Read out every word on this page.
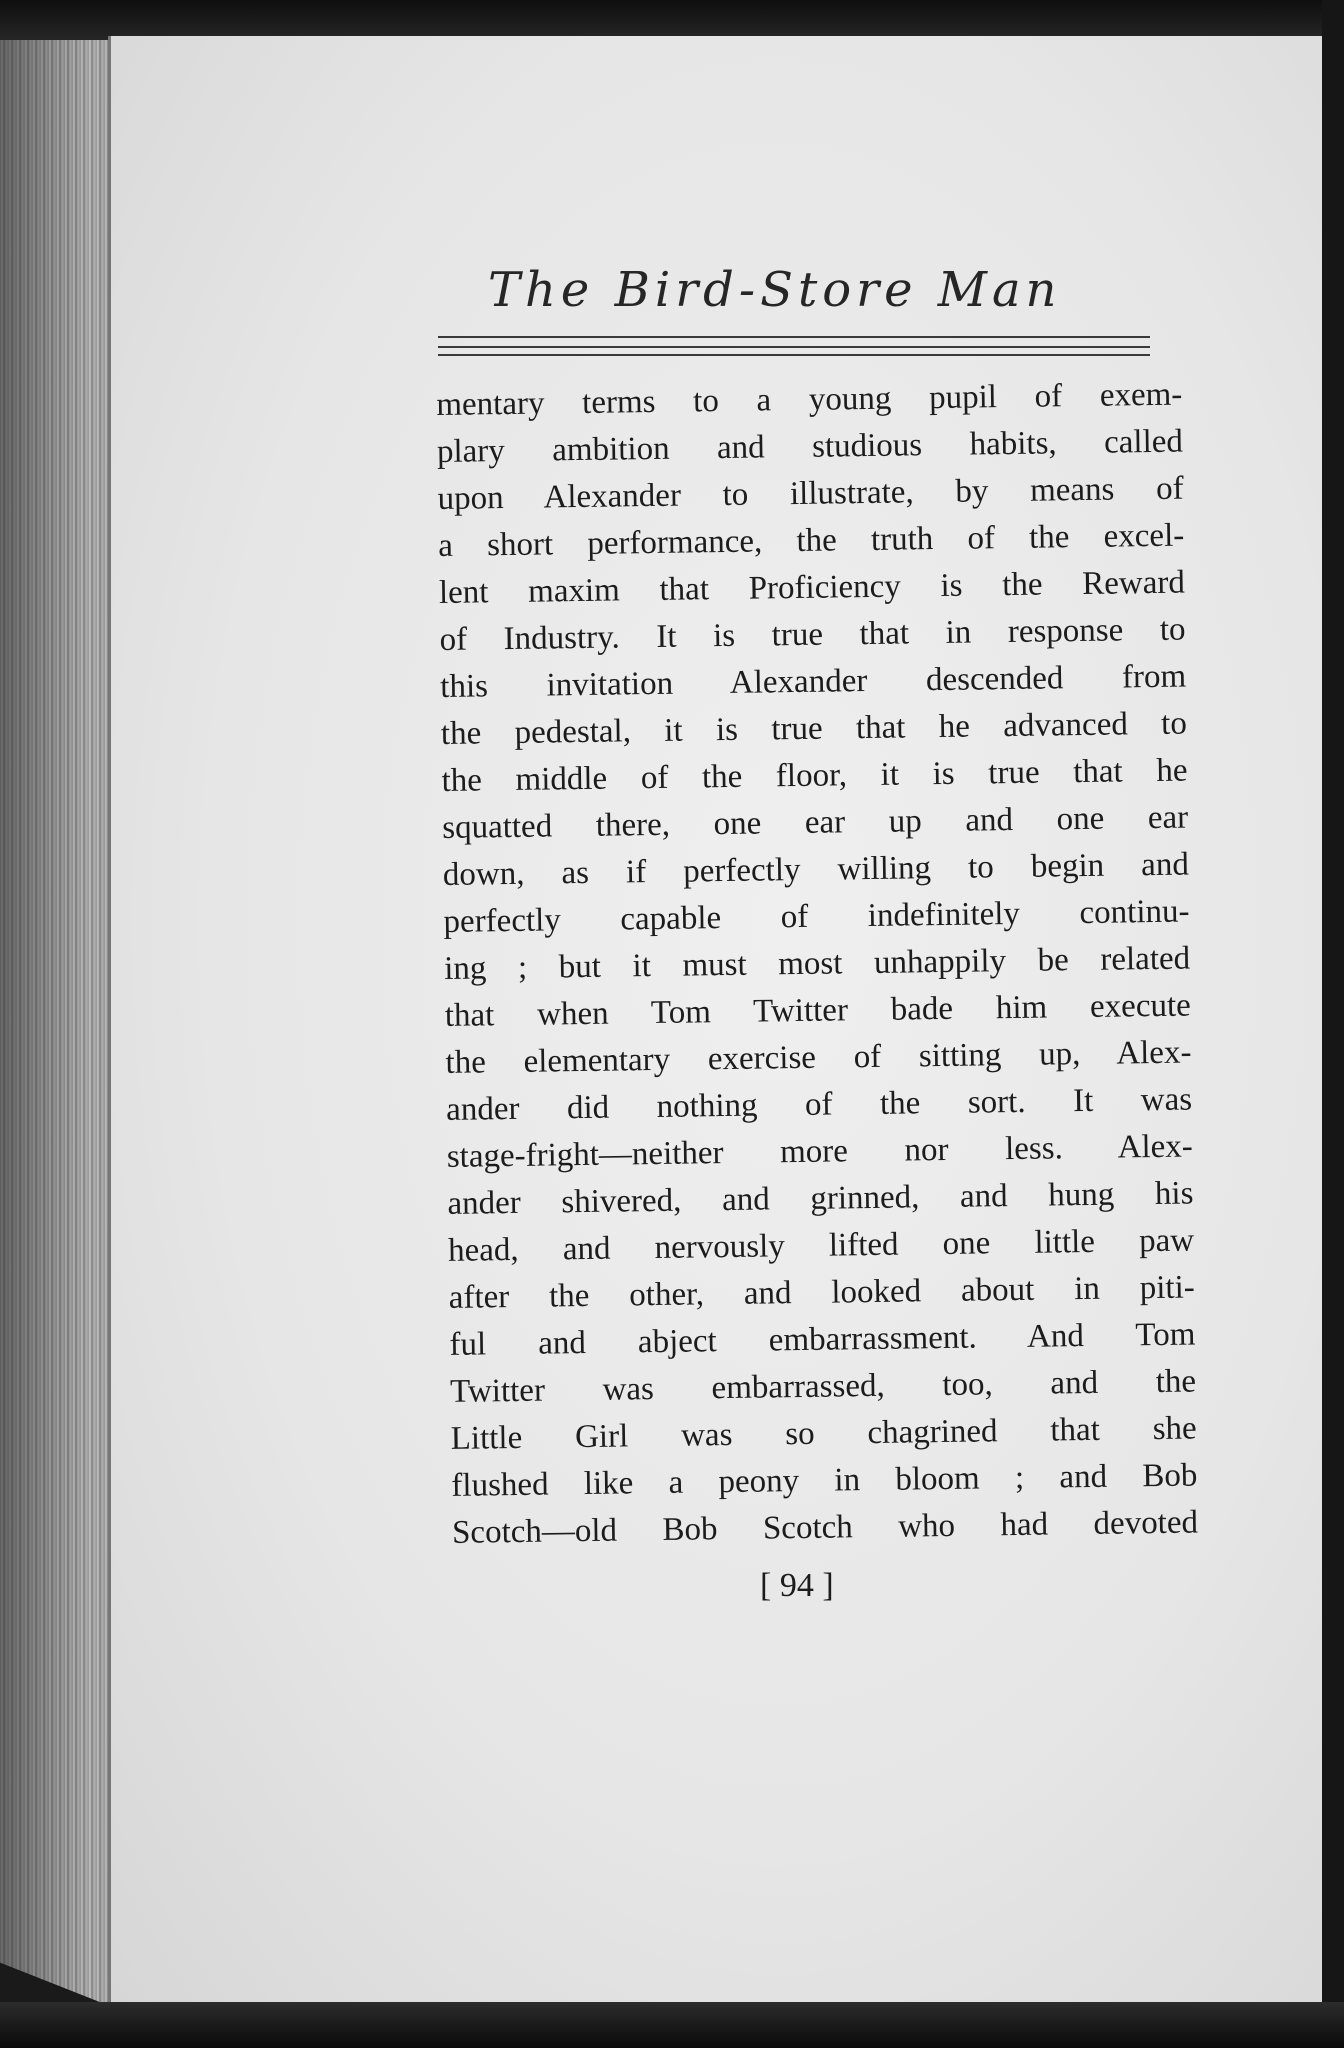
The Bird-Store Man
mentary terms to a young pupil of exem-
plary ambition and studious habits, called
upon Alexander to illustrate, by means of
a short performance, the truth of the excel-
lent maxim that Proficiency is the Reward
of Industry. It is true that in response to
this invitation Alexander descended from
the pedestal, it is true that he advanced to
the middle of the floor, it is true that he
squatted there, one ear up and one ear
down, as if perfectly willing to begin and
perfectly capable of indefinitely continu-
ing ; but it must most unhappily be related
that when Tom Twitter bade him execute
the elementary exercise of sitting up, Alex-
ander did nothing of the sort. It was
stage-fright—neither more nor less. Alex-
ander shivered, and grinned, and hung his
head, and nervously lifted one little paw
after the other, and looked about in piti-
ful and abject embarrassment. And Tom
Twitter was embarrassed, too, and the
Little Girl was so chagrined that she
flushed like a peony in bloom ; and Bob
Scotch—old Bob Scotch who had devoted
[ 94 ]
